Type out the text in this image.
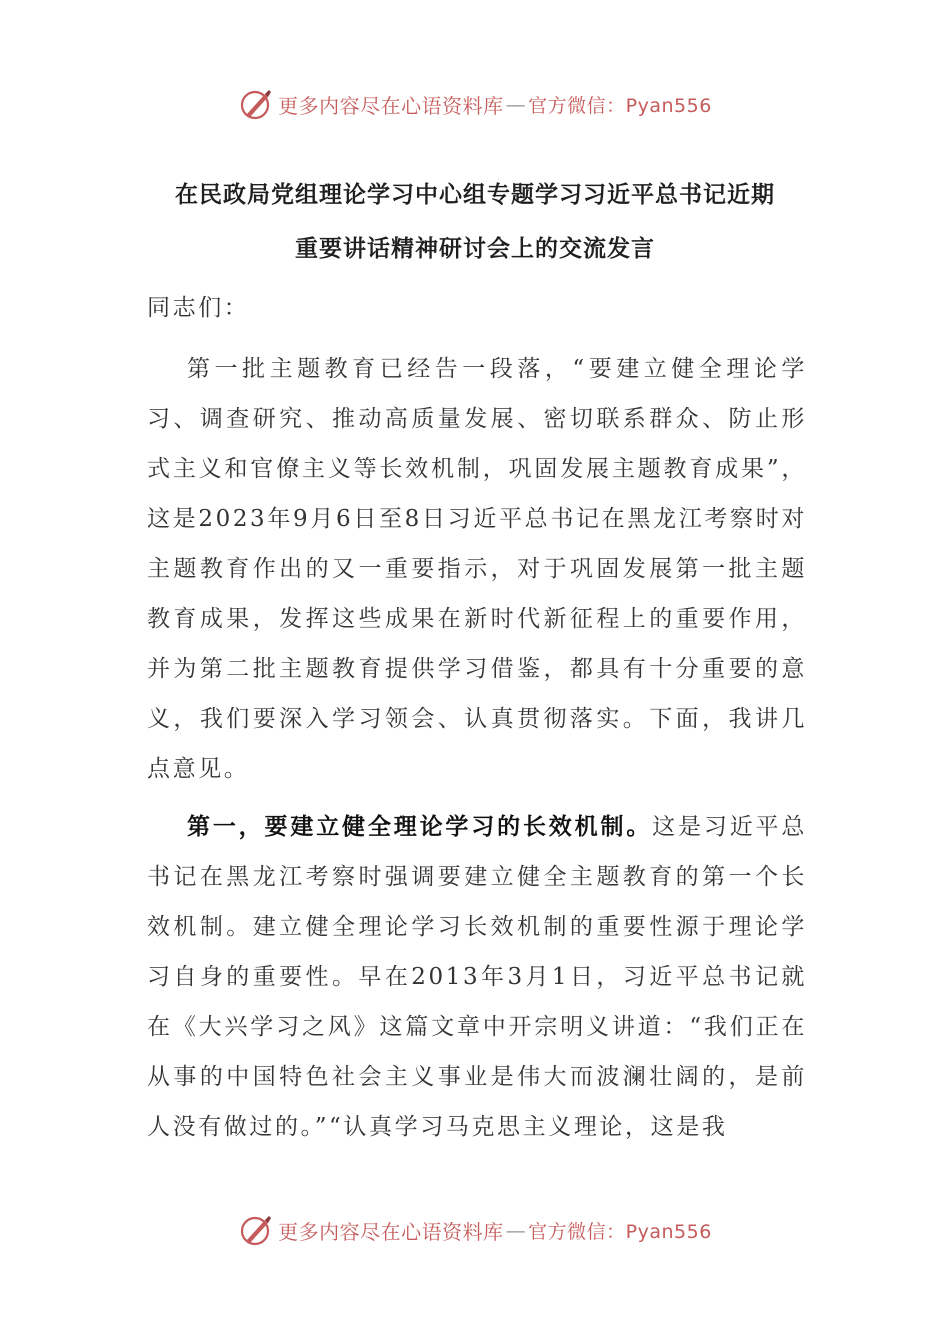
更多内容尽在心语资料库 — 官方微信：Pyan556
在民政局党组理论学习中心组专题学习习近平总书记近期
重要讲话精神研讨会上的交流发言
同志们：
第一批主题教育已经告一段落，“要建立健全理论学习、调查研究、推动高质量发展、密切联系群众、防止形式主义和官僚主义等长效机制，巩固发展主题教育成果”，这是2023年9月6日至8日习近平总书记在黑龙江考察时对主题教育作出的又一重要指示，对于巩固发展第一批主题教育成果，发挥这些成果在新时代新征程上的重要作用，并为第二批主题教育提供学习借鉴，都具有十分重要的意义，我们要深入学习领会、认真贯彻落实。下面，我讲几点意见。
第一，要建立健全理论学习的长效机制。这是习近平总书记在黑龙江考察时强调要建立健全主题教育的第一个长效机制。建立健全理论学习长效机制的重要性源于理论学习自身的重要性。早在2013年3月1日，习近平总书记就在《大兴学习之风》这篇文章中开宗明义讲道：“我们正在从事的中国特色社会主义事业是伟大而波澜壮阔的，是前人没有做过的。”“认真学习马克思主义理论，这是我
更多内容尽在心语资料库 — 官方微信：Pyan556
